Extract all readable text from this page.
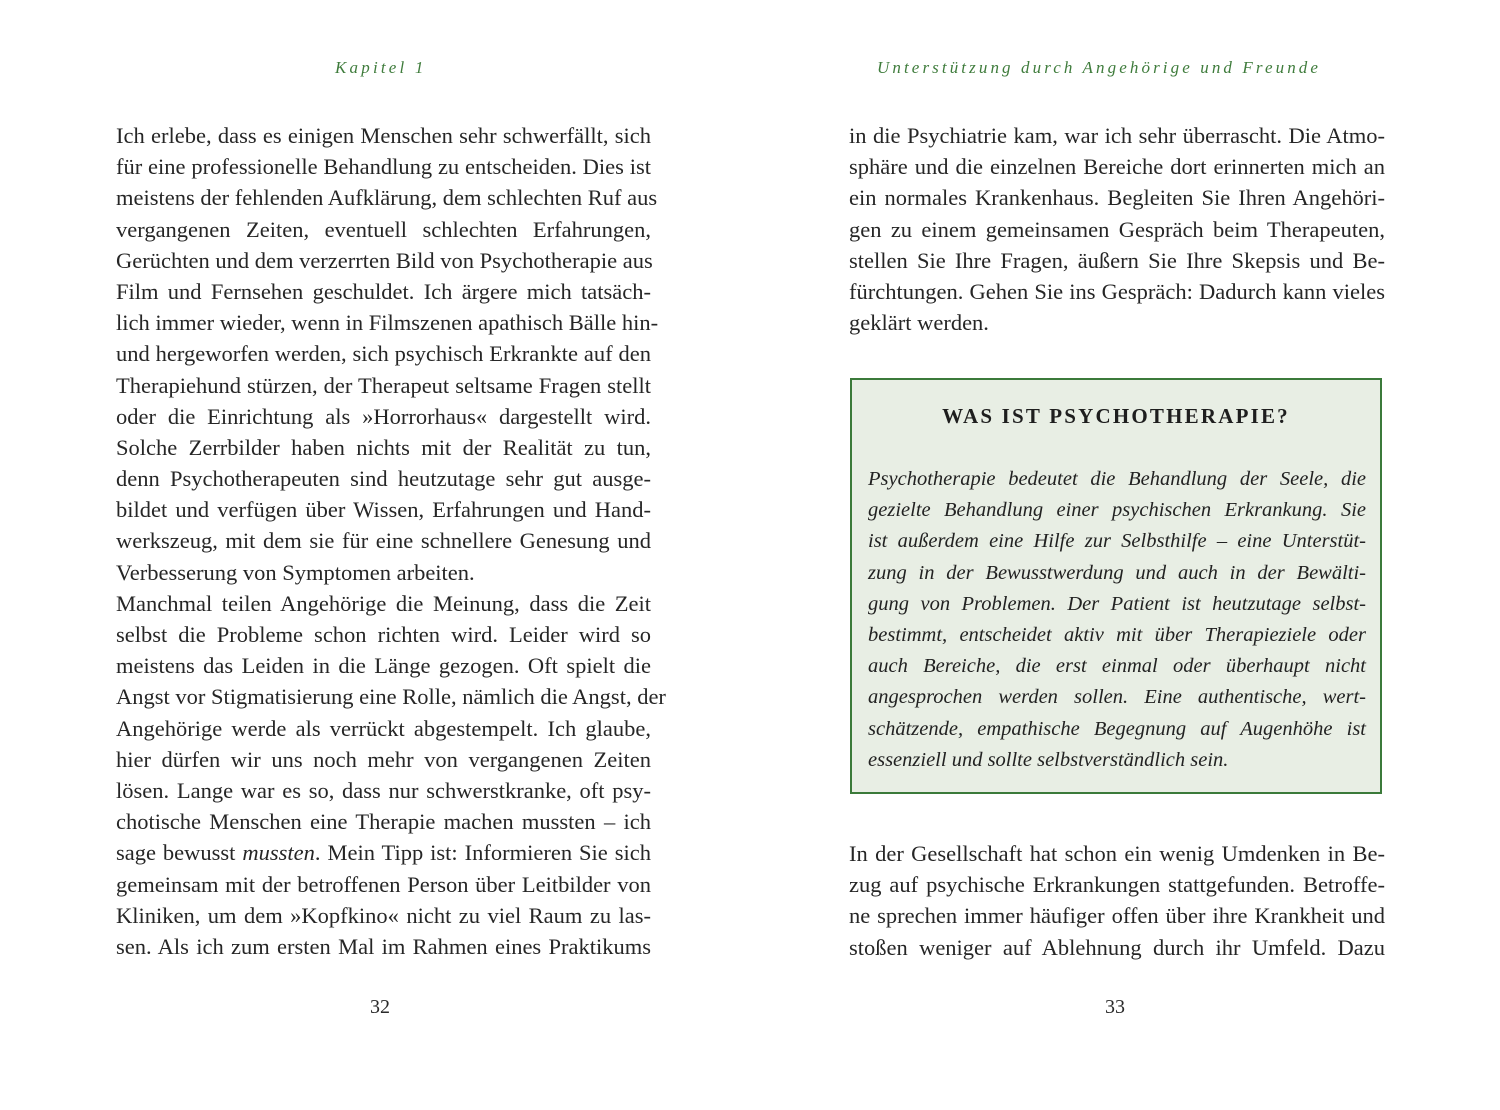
Kapitel 1
Ich erlebe, dass es einigen Menschen sehr schwerfällt, sich
für eine professionelle Behandlung zu entscheiden. Dies ist
meistens der fehlenden Aufklärung, dem schlechten Ruf aus
vergangenen Zeiten, eventuell schlechten Erfahrungen,
Gerüchten und dem verzerrten Bild von Psychotherapie aus
Film und Fernsehen geschuldet. Ich ärgere mich tatsäch-
lich immer wieder, wenn in Filmszenen apathisch Bälle hin-
und hergeworfen werden, sich psychisch Erkrankte auf den
Therapiehund stürzen, der Therapeut seltsame Fragen stellt
oder die Einrichtung als »Horrorhaus« dargestellt wird.
Solche Zerrbilder haben nichts mit der Realität zu tun,
denn Psychotherapeuten sind heutzutage sehr gut ausge-
bildet und verfügen über Wissen, Erfahrungen und Hand-
werkszeug, mit dem sie für eine schnellere Genesung und
Verbesserung von Symptomen arbeiten.
Manchmal teilen Angehörige die Meinung, dass die Zeit
selbst die Probleme schon richten wird. Leider wird so
meistens das Leiden in die Länge gezogen. Oft spielt die
Angst vor Stigmatisierung eine Rolle, nämlich die Angst, der
Angehörige werde als verrückt abgestempelt. Ich glaube,
hier dürfen wir uns noch mehr von vergangenen Zeiten
lösen. Lange war es so, dass nur schwerstkranke, oft psy-
chotische Menschen eine Therapie machen mussten – ich
sage bewusst mussten. Mein Tipp ist: Informieren Sie sich
gemeinsam mit der betroffenen Person über Leitbilder von
Kliniken, um dem »Kopfkino« nicht zu viel Raum zu las-
sen. Als ich zum ersten Mal im Rahmen eines Praktikums
32
Unterstützung durch Angehörige und Freunde
in die Psychiatrie kam, war ich sehr überrascht. Die Atmo-
sphäre und die einzelnen Bereiche dort erinnerten mich an
ein normales Krankenhaus. Begleiten Sie Ihren Angehöri-
gen zu einem gemeinsamen Gespräch beim Therapeuten,
stellen Sie Ihre Fragen, äußern Sie Ihre Skepsis und Be-
fürchtungen. Gehen Sie ins Gespräch: Dadurch kann vieles
geklärt werden.
WAS IST PSYCHOTHERAPIE?
Psychotherapie bedeutet die Behandlung der Seele, die
gezielte Behandlung einer psychischen Erkrankung. Sie
ist außerdem eine Hilfe zur Selbsthilfe – eine Unterstüt-
zung in der Bewusstwerdung und auch in der Bewälti-
gung von Problemen. Der Patient ist heutzutage selbst-
bestimmt, entscheidet aktiv mit über Therapieziele oder
auch Bereiche, die erst einmal oder überhaupt nicht
angesprochen werden sollen. Eine authentische, wert-
schätzende, empathische Begegnung auf Augenhöhe ist
essenziell und sollte selbstverständlich sein.
In der Gesellschaft hat schon ein wenig Umdenken in Be-
zug auf psychische Erkrankungen stattgefunden. Betroffe-
ne sprechen immer häufiger offen über ihre Krankheit und
stoßen weniger auf Ablehnung durch ihr Umfeld. Dazu
33
